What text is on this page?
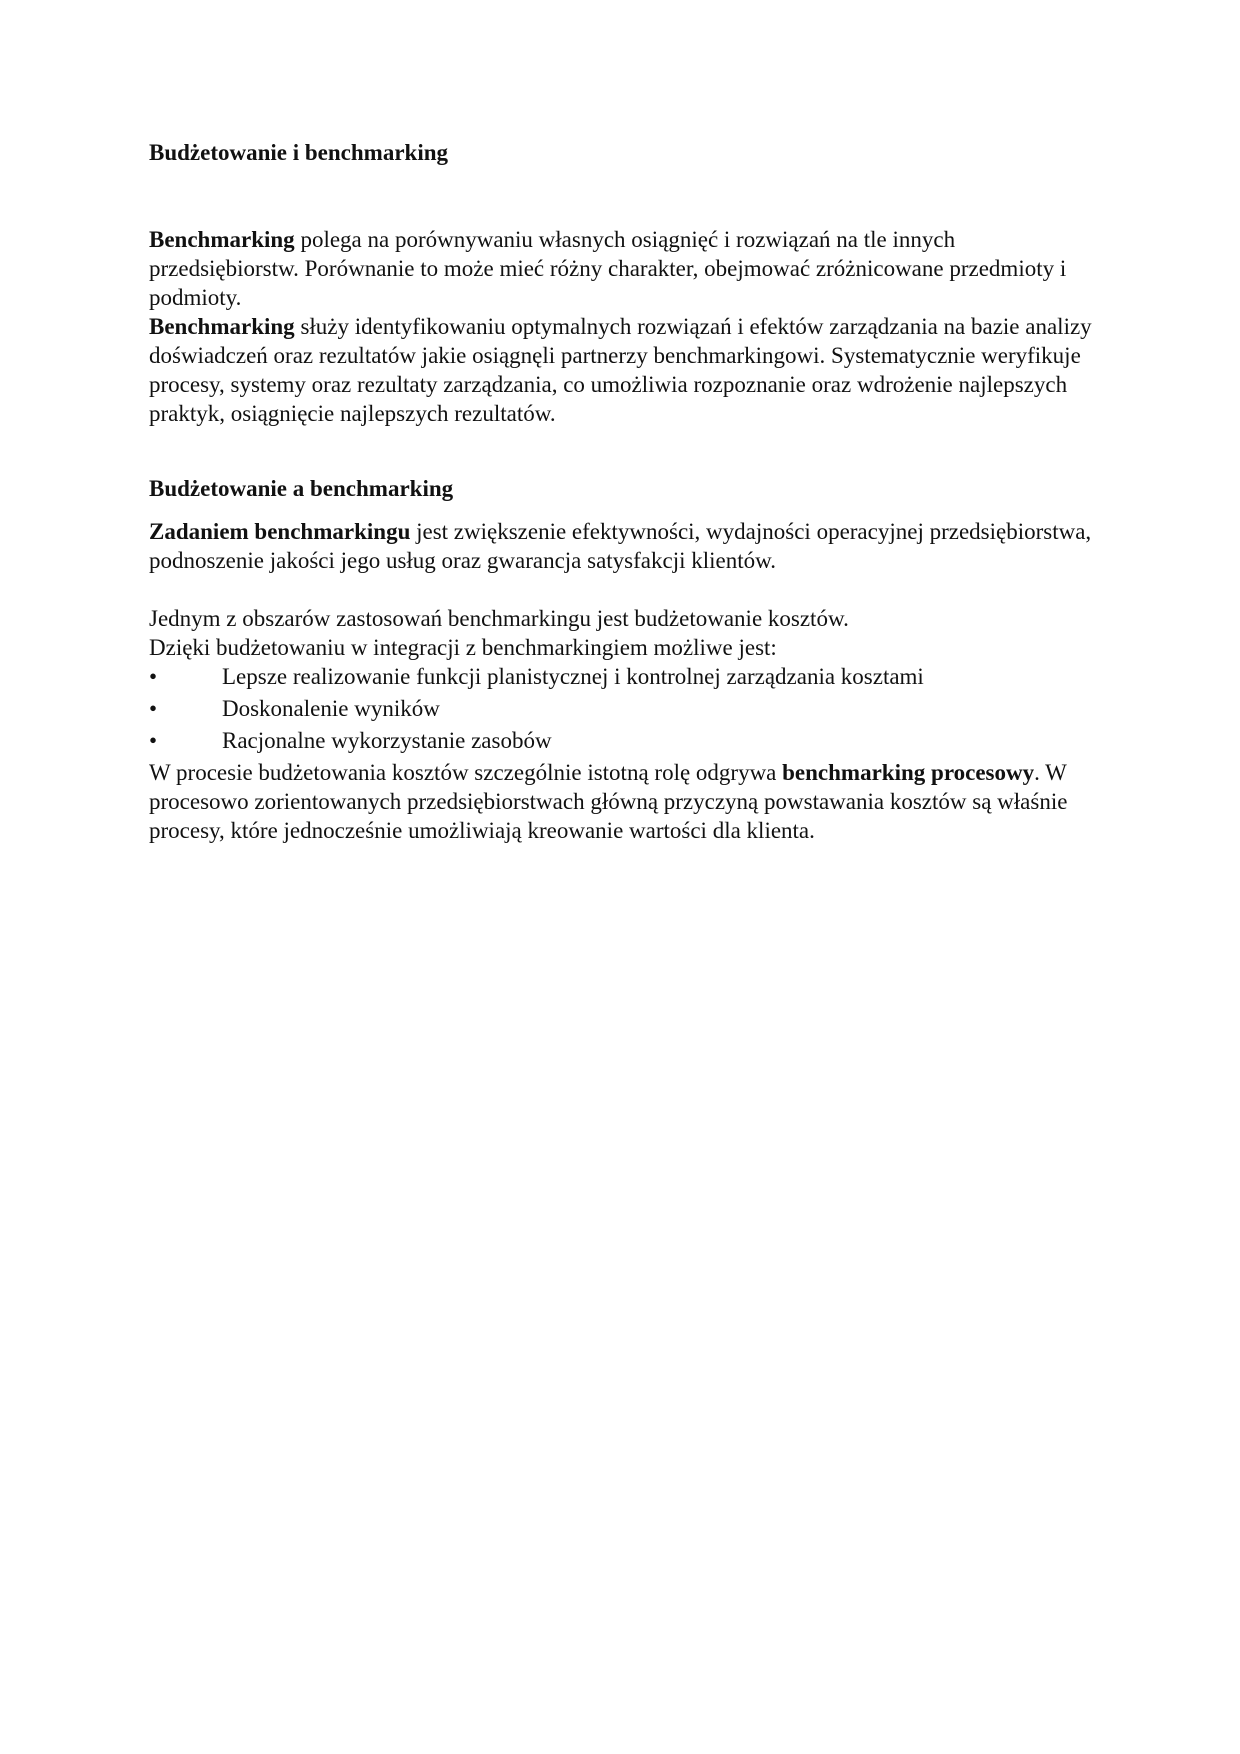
Budżetowanie i benchmarking

Benchmarking polega na porównywaniu własnych osiągnięć i rozwiązań na tle innych przedsiębiorstw. Porównanie to może mieć różny charakter, obejmować zróżnicowane przedmioty i podmioty.

Benchmarking służy identyfikowaniu optymalnych rozwiązań i efektów zarządzania na bazie analizy doświadczeń oraz rezultatów jakie osiągnęli partnerzy benchmarkingowi. Systematycznie weryfikuje procesy, systemy oraz rezultaty zarządzania, co umożliwia rozpoznanie oraz wdrożenie najlepszych praktyk, osiągnięcie najlepszych rezultatów.

Budżetowanie a benchmarking

Zadaniem benchmarkingu jest zwiększenie efektywności, wydajności operacyjnej przedsiębiorstwa, podnoszenie jakości jego usług oraz gwarancja satysfakcji klientów.

Jednym z obszarów zastosowań benchmarkingu jest budżetowanie kosztów.

Dzięki budżetowaniu w integracji z benchmarkingiem możliwe jest:

•	Lepsze realizowanie funkcji planistycznej i kontrolnej zarządzania kosztami
•	Doskonalenie wyników
•	Racjonalne wykorzystanie zasobów

W procesie budżetowania kosztów szczególnie istotną rolę odgrywa benchmarking procesowy. W procesowo zorientowanych przedsiębiorstwach główną przyczyną powstawania kosztów są właśnie procesy, które jednocześnie umożliwiają kreowanie wartości dla klienta.
